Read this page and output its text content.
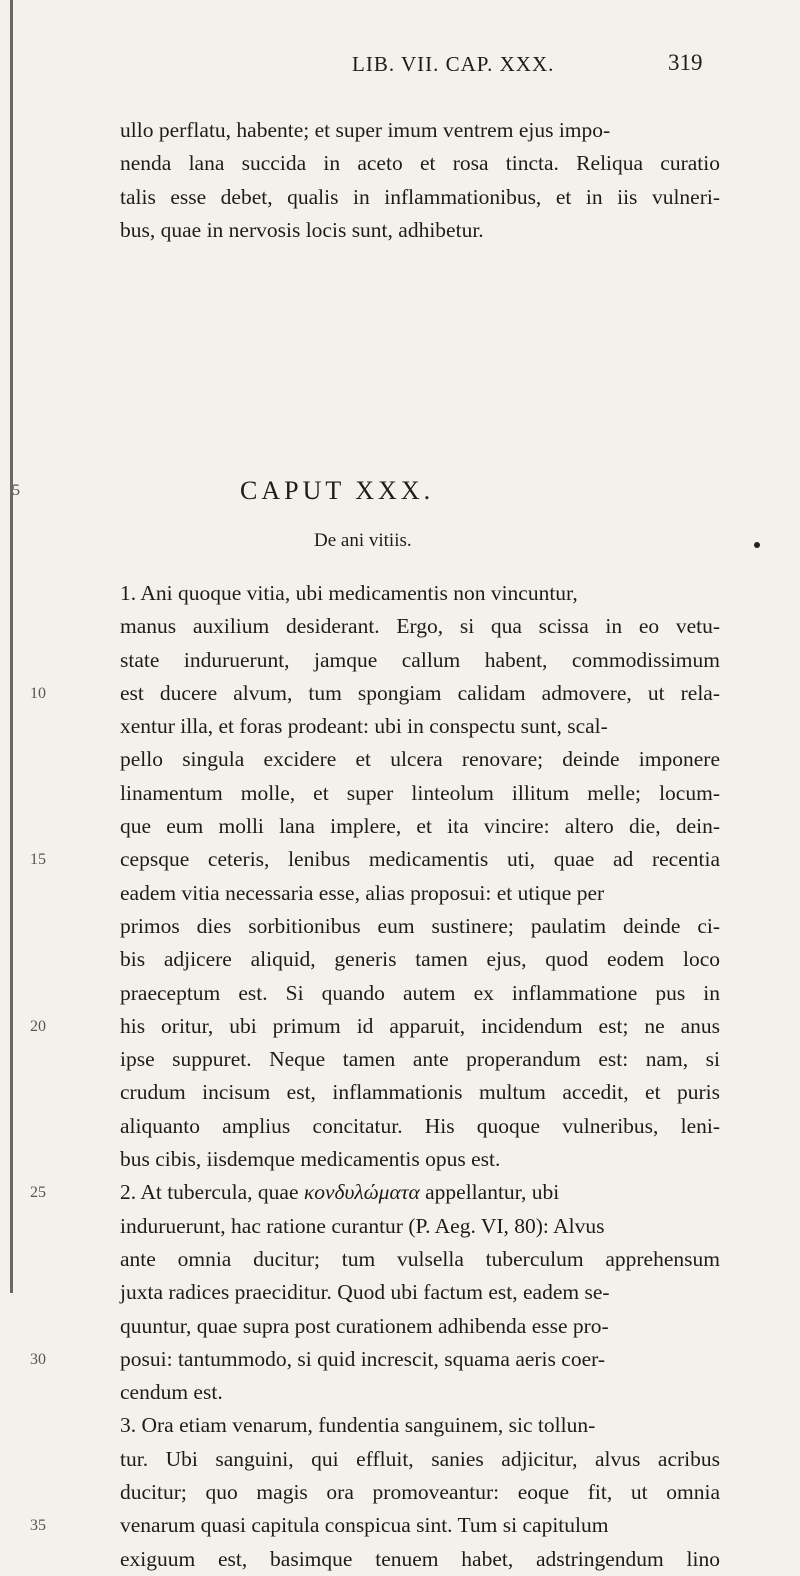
LIB. VII. CAP. XXX.	319
ullo perflatu, habente; et super imum ventrem ejus impo-
nenda lana succida in aceto et rosa tincta. Reliqua curatio
talis esse debet, qualis in inflammationibus, et in iis vulneri-
bus, quae in nervosis locis sunt, adhibetur.
5	CAPUT XXX.
De ani vitiis.
1. Ani quoque vitia, ubi medicamentis non vincuntur,
manus auxilium desiderant. Ergo, si qua scissa in eo vetu-
state induruerunt, jamque callum habent, commodissimum
10	est ducere alvum, tum spongiam calidam admovere, ut rela-
xentur illa, et foras prodeant: ubi in conspectu sunt, scal-
pello singula excidere et ulcera renovare; deinde imponere
linamentum molle, et super linteolum illitum melle; locum-
que eum molli lana implere, et ita vincire: altero die, dein-
15	cepsque ceteris, lenibus medicamentis uti, quae ad recentia
eadem vitia necessaria esse, alias proposui: et utique per
primos dies sorbitionibus eum sustinere; paulatim deinde ci-
bis adjicere aliquid, generis tamen ejus, quod eodem loco
praeceptum est. Si quando autem ex inflammatione pus in
20	his oritur, ubi primum id apparuit, incidendum est; ne anus
ipse suppuret. Neque tamen ante properandum est: nam, si
crudum incisum est, inflammationis multum accedit, et puris
aliquanto amplius concitatur. His quoque vulneribus, leni-
bus cibis, iisdemque medicamentis opus est.
25	2. At tubercula, quae κονδυλώματα appellantur, ubi
induruerunt, hac ratione curantur (P. Aeg. VI, 80): Alvus
ante omnia ducitur; tum vulsella tuberculum apprehensum
juxta radices praeciditur. Quod ubi factum est, eadem se-
quuntur, quae supra post curationem adhibenda esse pro-
30	posui: tantummodo, si quid increscit, squama aeris coer-
cendum est.
3. Ora etiam venarum, fundentia sanguinem, sic tollun-
tur. Ubi sanguini, qui effluit, sanies adjicitur, alvus acribus
ducitur; quo magis ora promoveantur: eoque fit, ut omnia
35	venarum quasi capitula conspicua sint. Tum si capitulum
exiguum est, basimque tenuem habet, adstringendum lino
